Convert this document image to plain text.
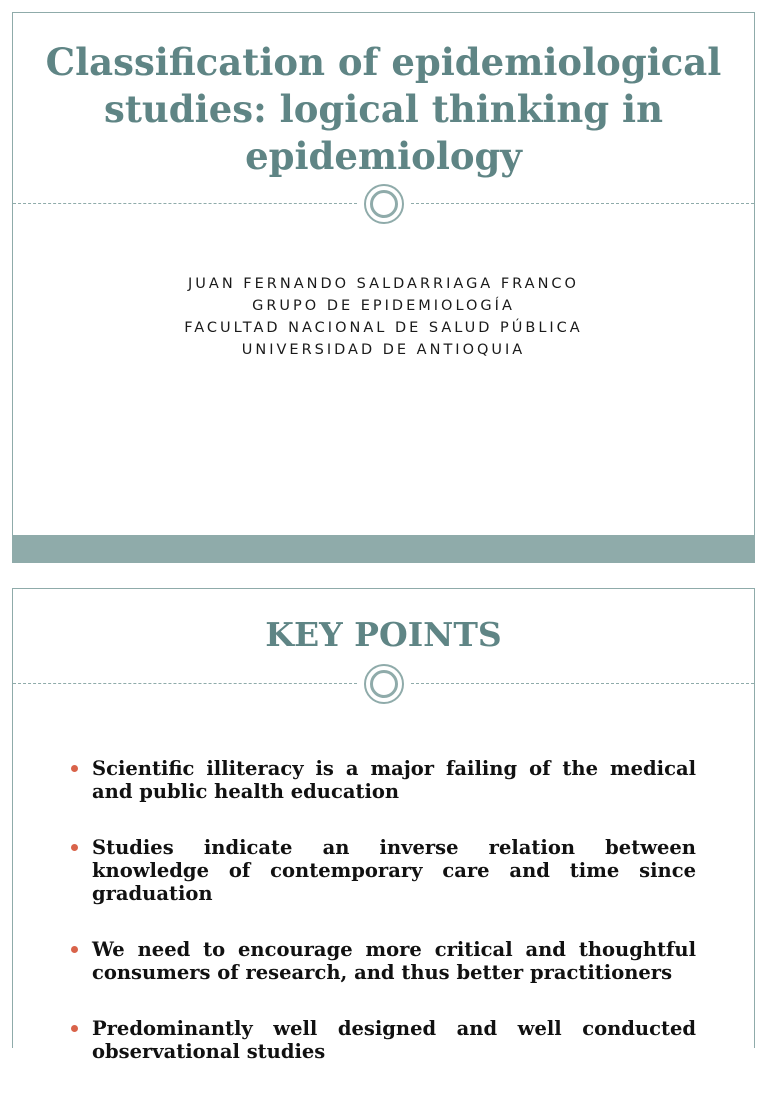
Classification of epidemiological studies: logical thinking in epidemiology
JUAN FERNANDO SALDARRIAGA FRANCO
GRUPO DE EPIDEMIOLOGÍA
FACULTAD NACIONAL DE SALUD PÚBLICA
UNIVERSIDAD DE ANTIOQUIA
KEY POINTS
Scientific illiteracy is a major failing of the medical and public health education
Studies indicate an inverse relation between knowledge of contemporary care and time since graduation
We need to encourage more critical and thoughtful consumers of research, and thus better practitioners
Predominantly well designed and well conducted observational studies
